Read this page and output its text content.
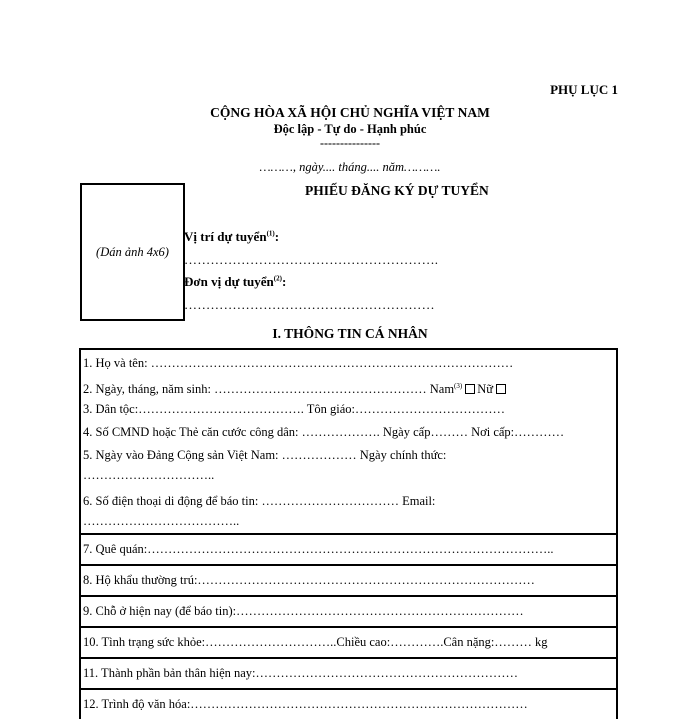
PHỤ LỤC 1
CỘNG HÒA XÃ HỘI CHỦ NGHĨA VIỆT NAM
Độc lập - Tự do - Hạnh phúc
---------------
………, ngày.... tháng.... năm……….
PHIẾU ĐĂNG KÝ DỰ TUYỂN
(Dán ảnh 4x6)
Vị trí dự tuyển$^{(1)}$:
………………………………………………….
Đơn vị dự tuyển$^{(2)}$:
…………………………………………………
I. THÔNG TIN CÁ NHÂN
1. Họ và tên: ……………………………………………………………………………
2. Ngày, tháng, năm sinh: …………………………………………… Nam$^{(3)}$ Nữ
3. Dân tộc:…………………………………. Tôn giáo:………………………………
4. Số CMND hoặc Thẻ căn cước công dân: ………………. Ngày cấp……… Nơi cấp:…………
5. Ngày vào Đảng Cộng sản Việt Nam: ……………… Ngày chính thức:
…………………………..
6. Số điện thoại di động để báo tin: …………………………… Email:
………………………………..
7. Quê quán:……………………………………………………………………………………..
8. Hộ khẩu thường trú:………………………………………………………………………
9. Chỗ ở hiện nay (để báo tin):……………………………………………………………
10. Tình trạng sức khỏe:…………………………..Chiều cao:………….Cân nặng:……… kg
11. Thành phần bản thân hiện nay:………………………………………………………
12. Trình độ văn hóa:………………………………………………………………………
